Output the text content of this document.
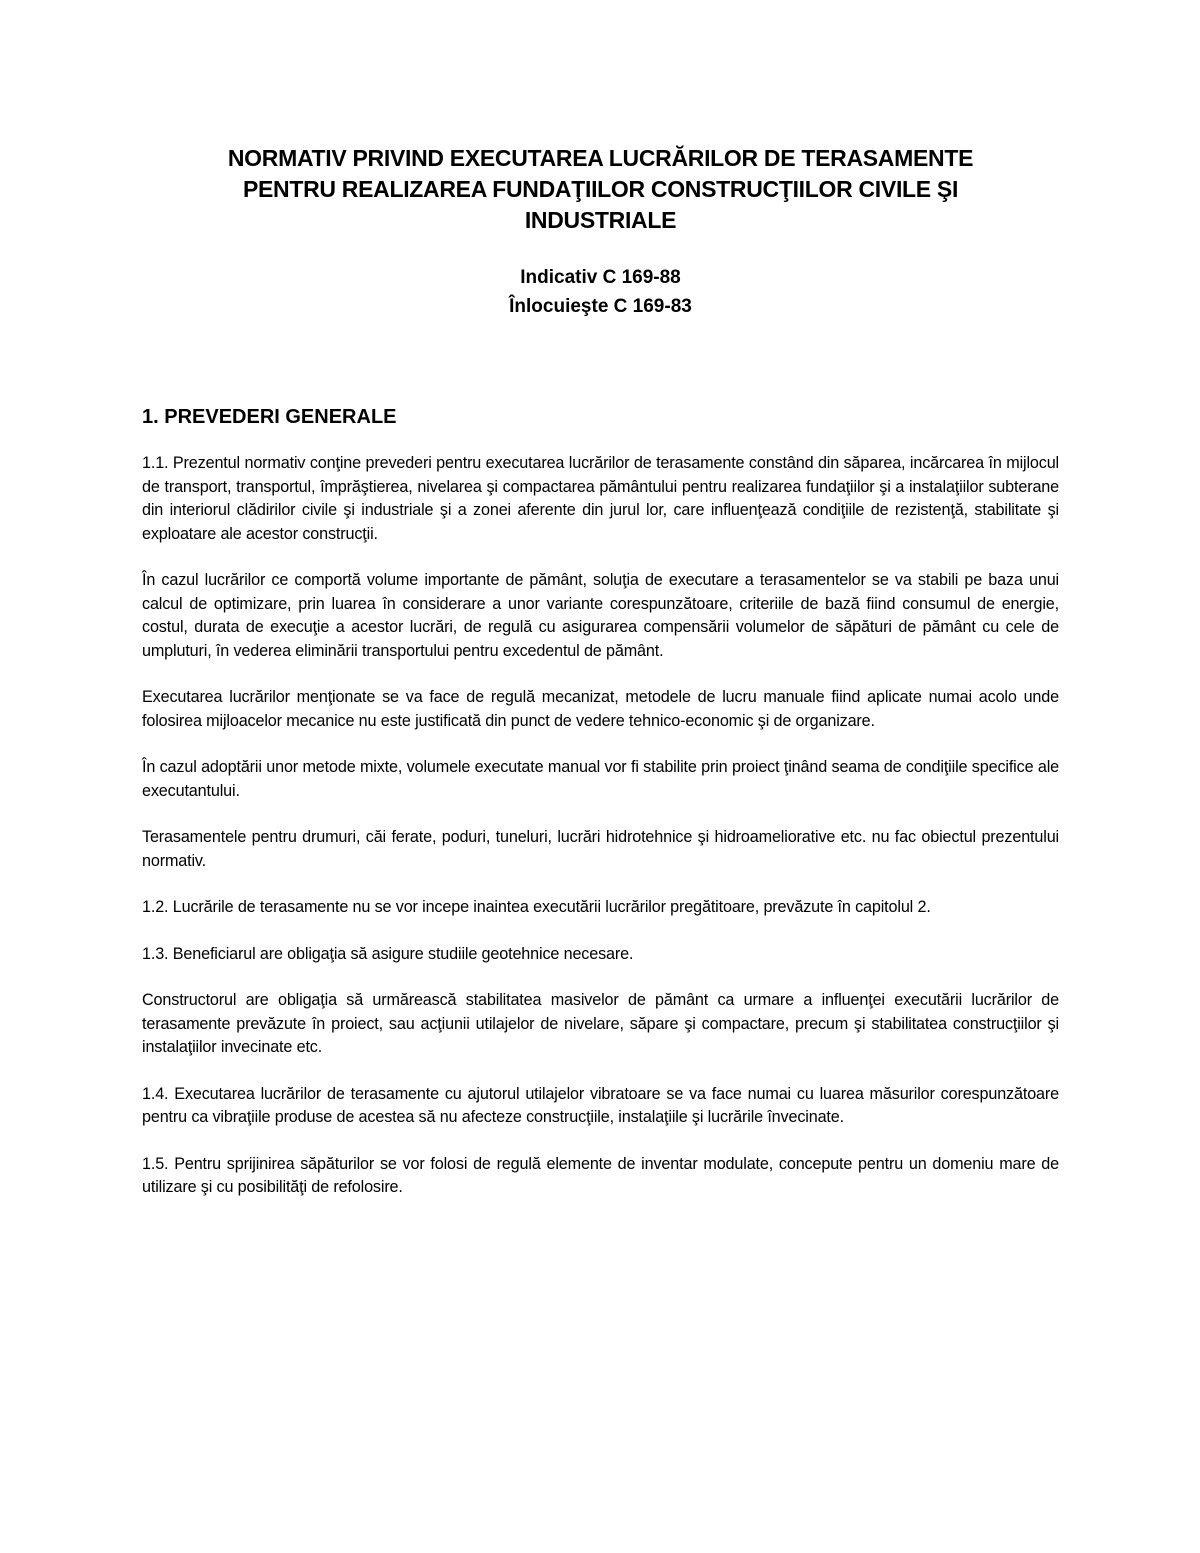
NORMATIV PRIVIND EXECUTAREA LUCRĂRILOR DE TERASAMENTE
PENTRU REALIZAREA FUNDAŢIILOR CONSTRUCŢIILOR CIVILE ŞI
INDUSTRIALE
Indicativ C 169-88
Înlocuieşte C 169-83
1. PREVEDERI GENERALE

1.1. Prezentul normativ conţine prevederi pentru executarea lucrărilor de terasamente constând din săparea, incărcarea în mijlocul de transport, transportul, împrăştierea, nivelarea şi compactarea pământului pentru realizarea fundaţiilor şi a instalaţiilor subterane din interiorul clădirilor civile şi industriale şi a zonei aferente din jurul lor, care influenţează condiţiile de rezistenţă, stabilitate şi exploatare ale acestor construcţii.

În cazul lucrărilor ce comportă volume importante de pământ, soluţia de executare a terasamentelor se va stabili pe baza unui calcul de optimizare, prin luarea în considerare a unor variante corespunzătoare, criteriile de bază fiind consumul de energie, costul, durata de execuţie a acestor lucrări, de regulă cu asigurarea compensării volumelor de săpături de pământ cu cele de umpluturi, în vederea eliminării transportului pentru excedentul de pământ.

Executarea lucrărilor menţionate se va face de regulă mecanizat, metodele de lucru manuale fiind aplicate numai acolo unde folosirea mijloacelor mecanice nu este justificată din punct de vedere tehnico-economic şi de organizare.

În cazul adoptării unor metode mixte, volumele executate manual vor fi stabilite prin proiect ţinând seama de condiţiile specifice ale executantului.

Terasamentele pentru drumuri, căi ferate, poduri, tuneluri, lucrări hidrotehnice şi hidroameliorative etc. nu fac obiectul prezentului normativ.

1.2. Lucrările de terasamente nu se vor incepe inaintea executării lucrărilor pregătitoare, prevăzute în capitolul 2.

1.3. Beneficiarul are obligaţia să asigure studiile geotehnice necesare.

Constructorul are obligaţia să urmărească stabilitatea masivelor de pământ ca urmare a influenţei executării lucrărilor de terasamente prevăzute în proiect, sau acţiunii utilajelor de nivelare, săpare şi compactare, precum şi stabilitatea construcţiilor şi instalaţiilor invecinate etc.

1.4. Executarea lucrărilor de terasamente cu ajutorul utilajelor vibratoare se va face numai cu luarea măsurilor corespunzătoare pentru ca vibraţiile produse de acestea să nu afecteze construcţiile, instalaţiile şi lucrările învecinate.

1.5. Pentru sprijinirea săpăturilor se vor folosi de regulă elemente de inventar modulate, concepute pentru un domeniu mare de utilizare şi cu posibilităţi de refolosire.
